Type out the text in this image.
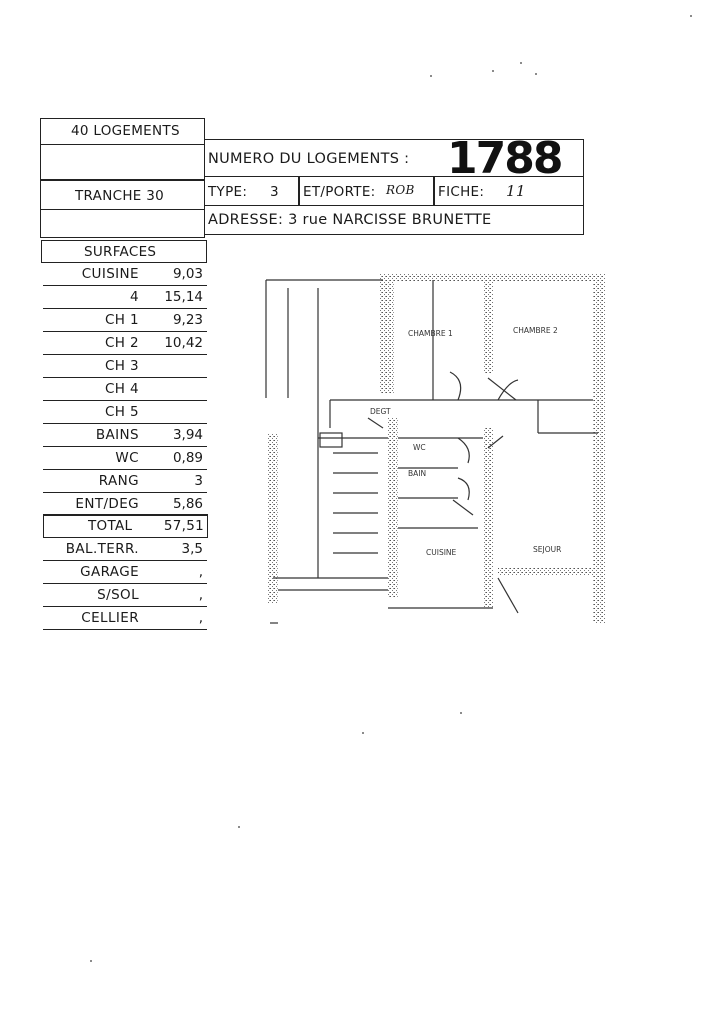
40 LOGEMENTS
TRANCHE 30
NUMERO DU LOGEMENTS : 1788
TYPE: 3 ET/PORTE: ROB FICHE: 11
ADRESSE: 3 rue NARCISSE BRUNETTE
SURFACES
CUISINE	9,03
4 15,14
CH 1	9,23
CH 2 10,42
CH 3
CH 4
CH 5
BAINS	3,94
WC	0,89
RANG	3
ENT/DEG	5,86
TOTAL 57,51
BAL.TERR.	3,5
GARAGE	,
S/SOL	,
CELLIER	,
CHAMBRE 1	CHAMBRE 2
DEGT
WC
BAIN
CUISINE	SEJOUR
